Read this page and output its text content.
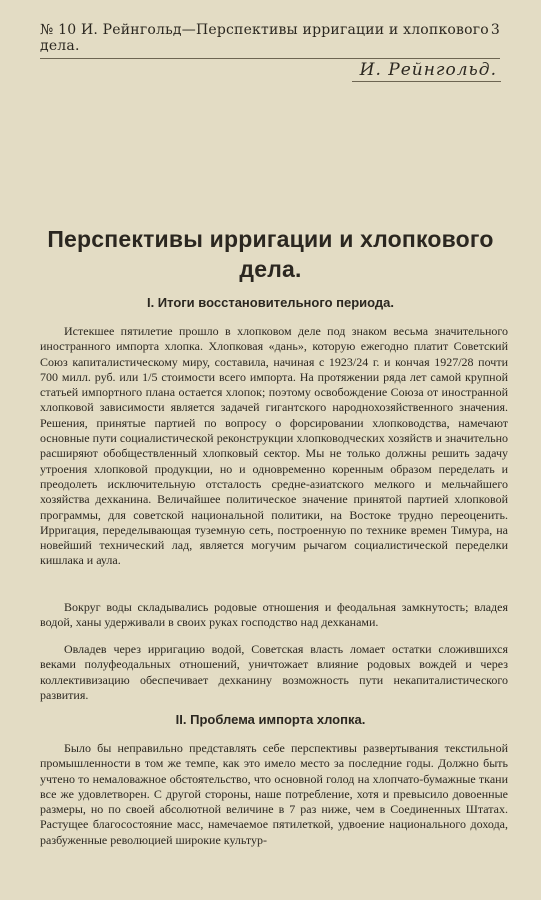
№ 10 И. Рейнгольд—Перспективы ирригации и хлопкового дела.
3
И. Рейнгольд.
Перспективы ирригации и хлопкового дела.
I. Итоги восстановительного периода.
Истекшее пятилетие прошло в хлопковом деле под знаком весьма значительного иностранного импорта хлопка. Хлопковая «дань», которую ежегодно платит Советский Союз капиталистическому миру, составила, начиная с 1923/24 г. и кончая 1927/28 почти 700 милл. руб. или 1/5 стоимости всего импорта. На протяжении ряда лет самой крупной статьей импортного плана остается хлопок; поэтому освобождение Союза от иностранной хлопковой зависимости является задачей гигантского народнохозяйственного значения. Решения, принятые партией по вопросу о форсировании хлопководства, намечают основные пути социалистической реконструкции хлопководческих хозяйств и значительно расширяют обобществленный хлопковый сектор. Мы не только должны решить задачу утроения хлопковой продукции, но и одновременно коренным образом переделать и преодолеть исключительную отсталость средне-азиатского мелкого и мельчайшего хозяйства дехканина. Величайшее политическое значение принятой партией хлопковой программы, для советской национальной политики, на Востоке трудно переоценить. Ирригация, переделывающая туземную сеть, построенную по технике времен Тимура, на новейший технический лад, является могучим рычагом социалистической переделки кишлака и аула.
Вокруг воды складывались родовые отношения и феодальная замкнутость; владея водой, ханы удерживали в своих руках господство над дехканами.
Овладев через ирригацию водой, Советская власть ломает остатки сложившихся веками полуфеодальных отношений, уничтожает влияние родовых вождей и через коллективизацию обеспечивает дехканину возможность пути некапиталистического развития.
II. Проблема импорта хлопка.
Было бы неправильно представлять себе перспективы развертывания текстильной промышленности в том же темпе, как это имело место за последние годы. Должно быть учтено то немаловажное обстоятельство, что основной голод на хлопчато-бумажные ткани все же удовлетворен. С другой стороны, наше потребление, хотя и превысило довоенные размеры, но по своей абсолютной величине в 7 раз ниже, чем в Соединенных Штатах. Растущее благосостояние масс, намечаемое пятилеткой, удвоение национального дохода, разбуженные революцией широкие культур-
